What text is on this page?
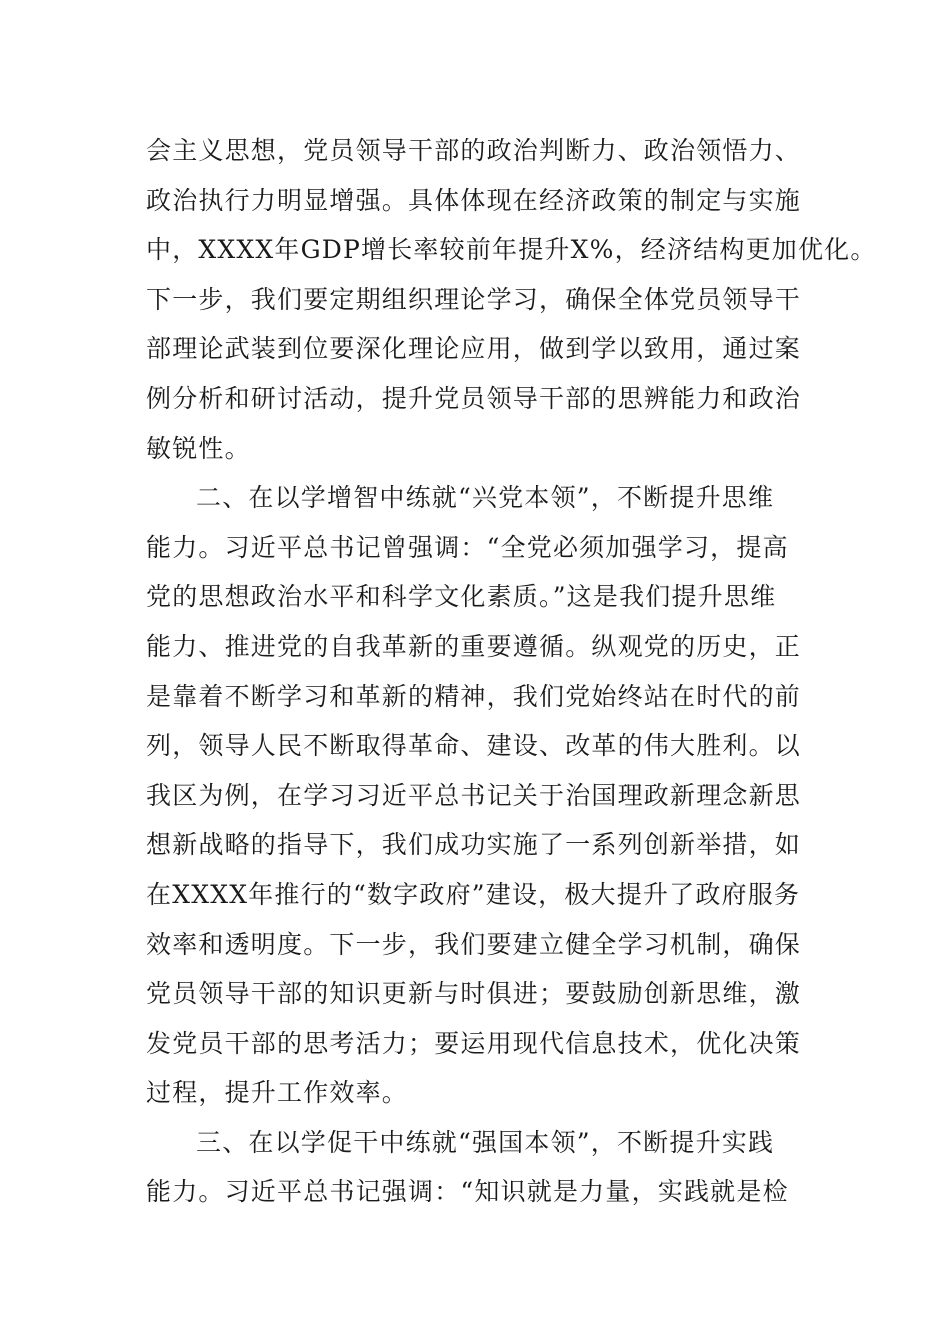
会主义思想，党员领导干部的政治判断力、政治领悟力、
政治执行力明显增强。具体体现在经济政策的制定与实施
中，XXXX年GDP增长率较前年提升X%，经济结构更加优化。
下一步，我们要定期组织理论学习，确保全体党员领导干
部理论武装到位要深化理论应用，做到学以致用，通过案
例分析和研讨活动，提升党员领导干部的思辨能力和政治
敏锐性。
二、在以学增智中练就“兴党本领”，不断提升思维
能力。习近平总书记曾强调：“全党必须加强学习，提高
党的思想政治水平和科学文化素质。”这是我们提升思维
能力、推进党的自我革新的重要遵循。纵观党的历史，正
是靠着不断学习和革新的精神，我们党始终站在时代的前
列，领导人民不断取得革命、建设、改革的伟大胜利。以
我区为例，在学习习近平总书记关于治国理政新理念新思
想新战略的指导下，我们成功实施了一系列创新举措，如
在XXXX年推行的“数字政府”建设，极大提升了政府服务
效率和透明度。下一步，我们要建立健全学习机制，确保
党员领导干部的知识更新与时俱进；要鼓励创新思维，激
发党员干部的思考活力；要运用现代信息技术，优化决策
过程，提升工作效率。
三、在以学促干中练就“强国本领”，不断提升实践
能力。习近平总书记强调：“知识就是力量，实践就是检
